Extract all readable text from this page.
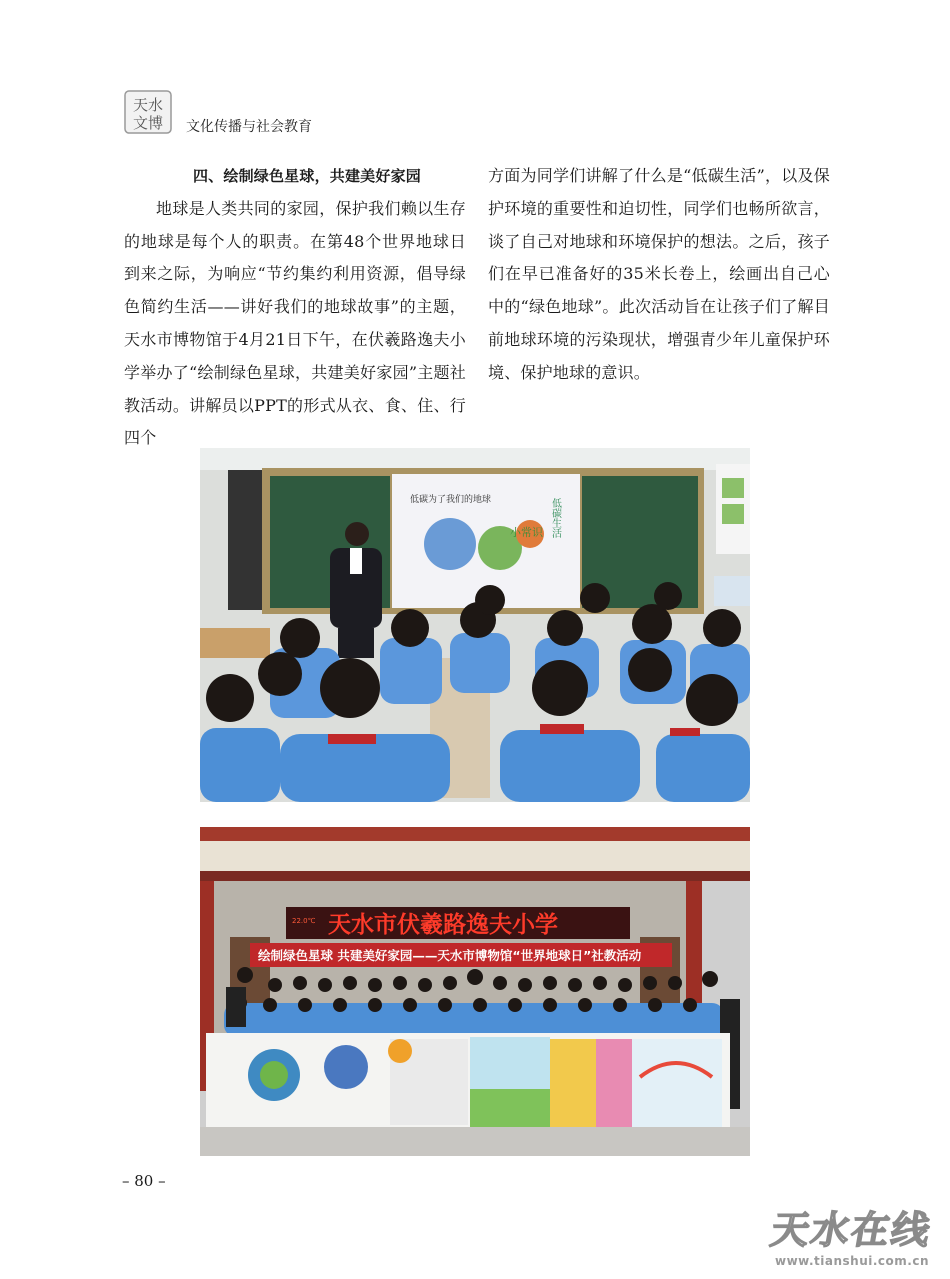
天水
文博 文化传播与社会教育

四、绘制绿色星球，共建美好家园

地球是人类共同的家园，保护我们赖以生存的地球是每个人的职责。在第48个世界地球日到来之际，为响应“节约集约利用资源，倡导绿色简约生活——讲好我们的地球故事”的主题，天水市博物馆于4月21日下午，在伏羲路逸夫小学举办了“绘制绿色星球，共建美好家园”主题社教活动。讲解员以PPT的形式从衣、食、住、行四个

方面为同学们讲解了什么是“低碳生活”，以及保护环境的重要性和迫切性，同学们也畅所欲言，谈了自己对地球和环境保护的想法。之后，孩子们在早已准备好的35米长卷上，绘画出自己心中的“绿色地球”。此次活动旨在让孩子们了解目前地球环境的污染现状，增强青少年儿童保护环境、保护地球的意识。

低碳为了我们的地球
小常识 低碳生活
22.0℃ 天水市伏羲路逸夫小学
绘制绿色星球 共建美好家园——天水市博物馆“世界地球日”社教活动
– 80 –
天水在线
www.tianshui.com.cn
